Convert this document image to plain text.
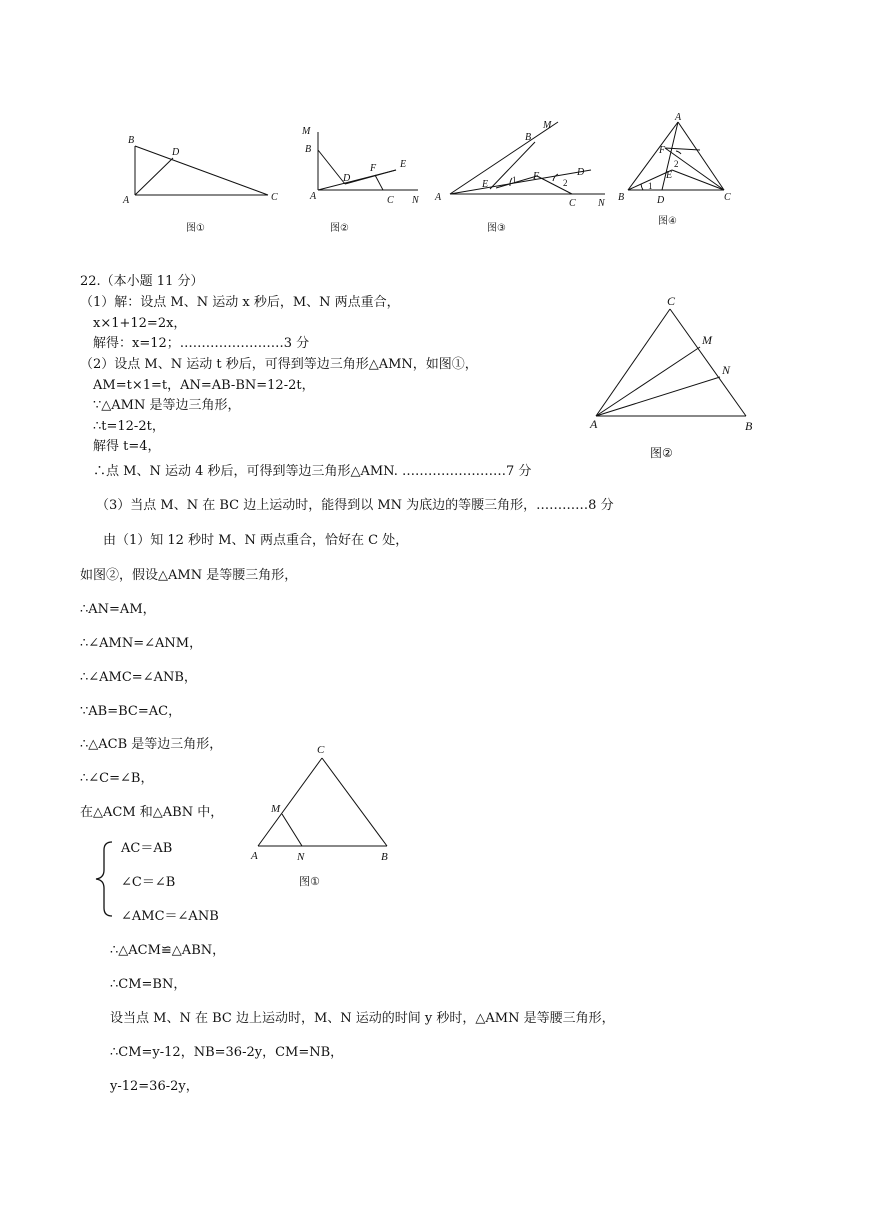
B
D
A	C
图①
M
B
D
F E
A	C N
图②
B
M
E	1 F
2
D
A
C N
图③
A
F
2
E
1
B	D	C
图④
C
M
N
A	B
图②
C
M
A	N	B
图①
22.（本小题 11 分）
（1）解：设点 M、N 运动 x 秒后，M、N 两点重合，
x×1+12=2x，
解得：x=12；……………………3 分
（2）设点 M、N 运动 t 秒后，可得到等边三角形△AMN，如图①，
AM=t×1=t，AN=AB-BN=12-2t，
∵△AMN 是等边三角形，
∴t=12-2t，
解得 t=4，
∴点 M、N 运动 4 秒后，可得到等边三角形△AMN. ……………………7 分
（3）当点 M、N 在 BC 边上运动时，能得到以 MN 为底边的等腰三角形，…………8 分
由（1）知 12 秒时 M、N 两点重合，恰好在 C 处，
如图②，假设△AMN 是等腰三角形，
∴AN=AM，
∴∠AMN=∠ANM，
∴∠AMC=∠ANB，
∵AB=BC=AC，
∴△ACB 是等边三角形，
∴∠C=∠B，
在△ACM 和△ABN 中，
AC＝AB
∠C＝∠B
∠AMC＝∠ANB
∴△ACM≌△ABN，
∴CM=BN，
设当点 M、N 在 BC 边上运动时，M、N 运动的时间 y 秒时，△AMN 是等腰三角形，
∴CM=y-12，NB=36-2y，CM=NB，
y-12=36-2y，
